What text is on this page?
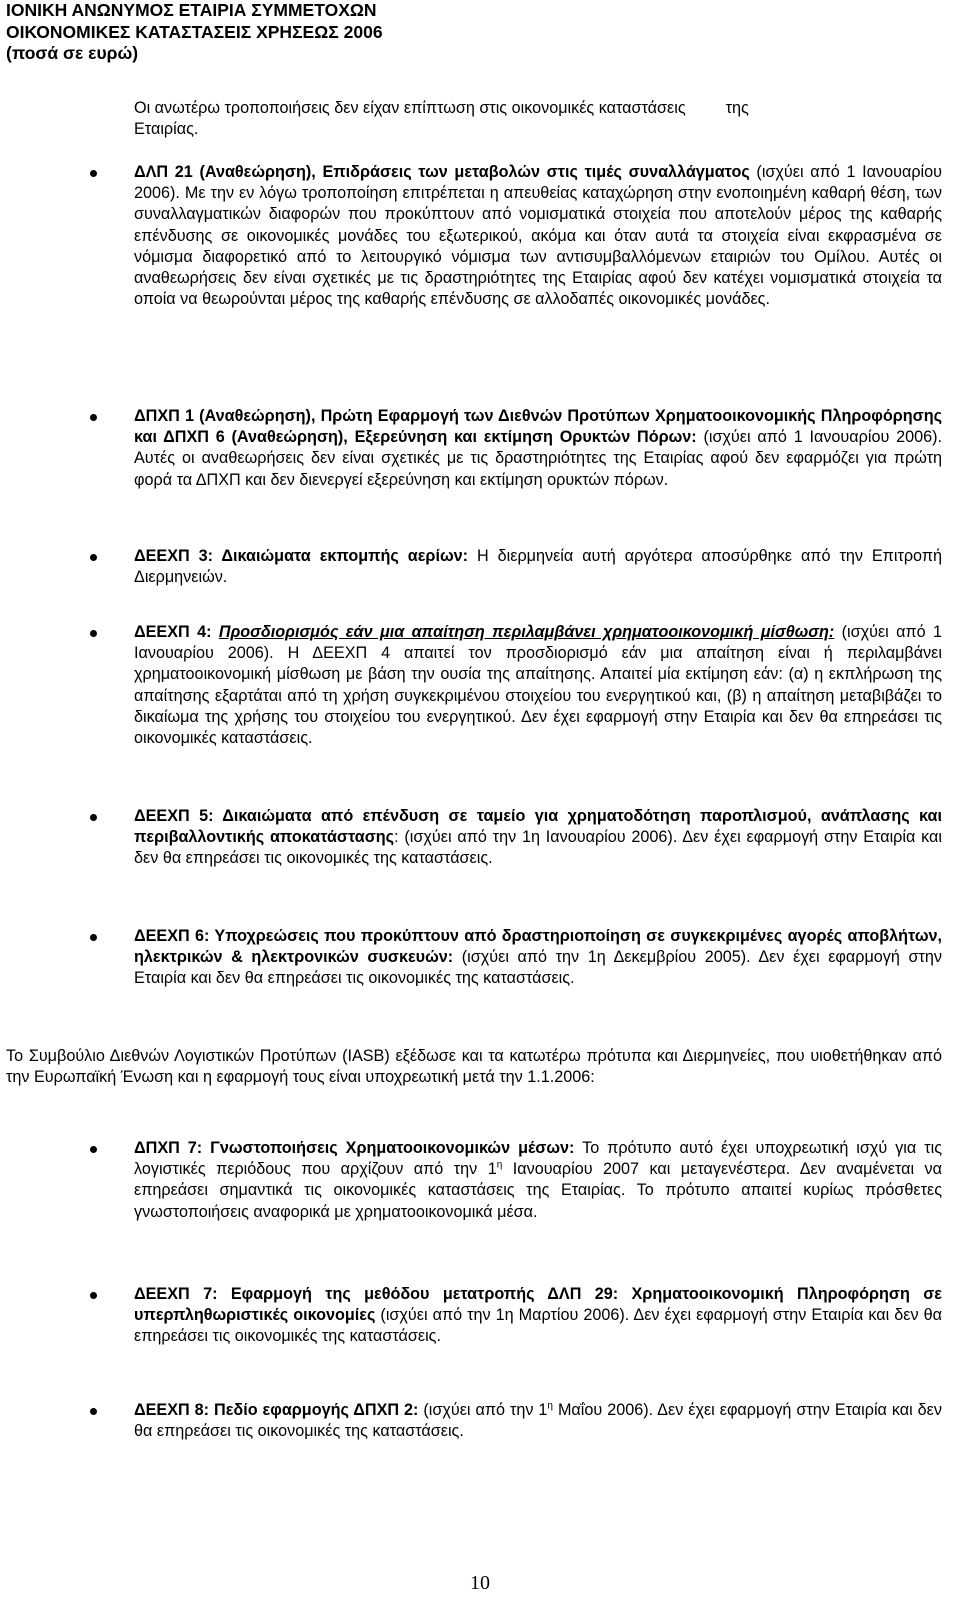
ΙΟΝΙΚΗ ΑΝΩΝΥΜΟΣ ΕΤΑΙΡΙΑ ΣΥΜΜΕΤΟΧΩΝ
ΟΙΚΟΝΟΜΙΚΕΣ ΚΑΤΑΣΤΑΣΕΙΣ ΧΡΗΣΕΩΣ 2006
(ποσά σε ευρώ)
Οι ανωτέρω τροποποιήσεις δεν είχαν επίπτωση στις οικονομικές καταστάσεις της
Εταιρίας.
ΔΛΠ 21 (Αναθεώρηση), Επιδράσεις των μεταβολών στις τιμές συναλλάγματος (ισχύει από 1 Ιανουαρίου 2006). Με την εν λόγω τροποποίηση επιτρέπεται η απευθείας καταχώρηση στην ενοποιημένη καθαρή θέση, των συναλλαγματικών διαφορών που προκύπτουν από νομισματικά στοιχεία που αποτελούν μέρος της καθαρής επένδυσης σε οικονομικές μονάδες του εξωτερικού, ακόμα και όταν αυτά τα στοιχεία είναι εκφρασμένα σε νόμισμα διαφορετικό από το λειτουργικό νόμισμα των αντισυμβαλλόμενων εταιριών του Ομίλου. Αυτές οι αναθεωρήσεις δεν είναι σχετικές με τις δραστηριότητες της Εταιρίας αφού δεν κατέχει νομισματικά στοιχεία τα οποία να θεωρούνται μέρος της καθαρής επένδυσης σε αλλοδαπές οικονομικές μονάδες.
ΔΠΧΠ 1 (Αναθεώρηση), Πρώτη Εφαρμογή των Διεθνών Προτύπων Χρηματοοικονομικής Πληροφόρησης και ΔΠΧΠ 6 (Αναθεώρηση), Εξερεύνηση και εκτίμηση Ορυκτών Πόρων: (ισχύει από 1 Ιανουαρίου 2006). Αυτές οι αναθεωρήσεις δεν είναι σχετικές με τις δραστηριότητες της Εταιρίας αφού δεν εφαρμόζει για πρώτη φορά τα ΔΠΧΠ και δεν διενεργεί εξερεύνηση και εκτίμηση ορυκτών πόρων.
ΔΕΕΧΠ 3: Δικαιώματα εκπομπής αερίων: Η διερμηνεία αυτή αργότερα αποσύρθηκε από την Επιτροπή Διερμηνειών.
ΔΕΕΧΠ 4: Προσδιορισμός εάν μια απαίτηση περιλαμβάνει χρηματοοικονομική μίσθωση: (ισχύει από 1 Ιανουαρίου 2006). Η ΔΕΕΧΠ 4 απαιτεί τον προσδιορισμό εάν μια απαίτηση είναι ή περιλαμβάνει χρηματοοικονομική μίσθωση με βάση την ουσία της απαίτησης. Απαιτεί μία εκτίμηση εάν: (α) η εκπλήρωση της απαίτησης εξαρτάται από τη χρήση συγκεκριμένου στοιχείου του ενεργητικού και, (β) η απαίτηση μεταβιβάζει το δικαίωμα της χρήσης του στοιχείου του ενεργητικού. Δεν έχει εφαρμογή στην Εταιρία και δεν θα επηρεάσει τις οικονομικές καταστάσεις.
ΔΕΕΧΠ 5: Δικαιώματα από επένδυση σε ταμείο για χρηματοδότηση παροπλισμού, ανάπλασης και περιβαλλοντικής αποκατάστασης: (ισχύει από την 1η Ιανουαρίου 2006). Δεν έχει εφαρμογή στην Εταιρία και δεν θα επηρεάσει τις οικονομικές της καταστάσεις.
ΔΕΕΧΠ 6: Υποχρεώσεις που προκύπτουν από δραστηριοποίηση σε συγκεκριμένες αγορές αποβλήτων, ηλεκτρικών & ηλεκτρονικών συσκευών: (ισχύει από την 1η Δεκεμβρίου 2005). Δεν έχει εφαρμογή στην Εταιρία και δεν θα επηρεάσει τις οικονομικές της καταστάσεις.
Το Συμβούλιο Διεθνών Λογιστικών Προτύπων (IASB) εξέδωσε και τα κατωτέρω πρότυπα και Διερμηνείες, που υιοθετήθηκαν από την Ευρωπαϊκή Ένωση και η εφαρμογή τους είναι υποχρεωτική μετά την 1.1.2006:
ΔΠΧΠ 7: Γνωστοποιήσεις Χρηματοοικονομικών μέσων: Το πρότυπο αυτό έχει υποχρεωτική ισχύ για τις λογιστικές περιόδους που αρχίζουν από την $1^\eta$ Ιανουαρίου 2007 και μεταγενέστερα. Δεν αναμένεται να επηρεάσει σημαντικά τις οικονομικές καταστάσεις της Εταιρίας. Το πρότυπο απαιτεί κυρίως πρόσθετες γνωστοποιήσεις αναφορικά με χρηματοοικονομικά μέσα.
ΔΕΕΧΠ 7: Εφαρμογή της μεθόδου μετατροπής ΔΛΠ 29: Χρηματοοικονομική Πληροφόρηση σε υπερπληθωριστικές οικονομίες (ισχύει από την 1η Μαρτίου 2006). Δεν έχει εφαρμογή στην Εταιρία και δεν θα επηρεάσει τις οικονομικές της καταστάσεις.
ΔΕΕΧΠ 8: Πεδίο εφαρμογής ΔΠΧΠ 2: (ισχύει από την $1^\eta$ Μαΐου 2006). Δεν έχει εφαρμογή στην Εταιρία και δεν θα επηρεάσει τις οικονομικές της καταστάσεις.
10
